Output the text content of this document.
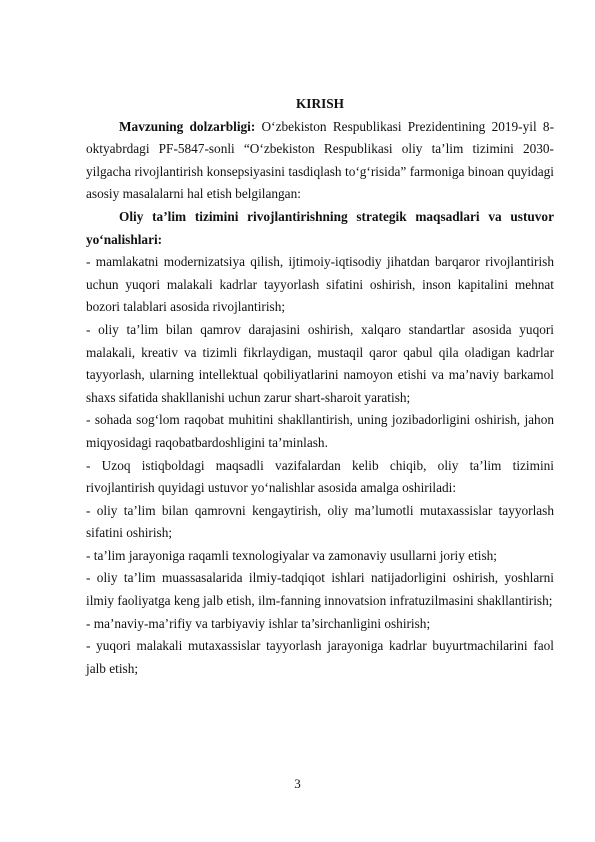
KIRISH

Mavzuning dolzarbligi: O‘zbekiston Respublikasi Prezidentining 2019-yil 8-oktyabrdagi PF-5847-sonli “O‘zbekiston Respublikasi oliy ta’lim tizimini 2030-yilgacha rivojlantirish konsepsiyasini tasdiqlash to‘g‘risida” farmoniga binoan quyidagi asosiy masalalarni hal etish belgilangan:

Oliy ta’lim tizimini rivojlantirishning strategik maqsadlari va ustuvor yo‘nalishlari:

- mamlakatni modernizatsiya qilish, ijtimoiy-iqtisodiy jihatdan barqaror rivojlantirish uchun yuqori malakali kadrlar tayyorlash sifatini oshirish, inson kapitalini mehnat bozori talablari asosida rivojlantirish;

- oliy ta’lim bilan qamrov darajasini oshirish, xalqaro standartlar asosida yuqori malakali, kreativ va tizimli fikrlaydigan, mustaqil qaror qabul qila oladigan kadrlar tayyorlash, ularning intellektual qobiliyatlarini namoyon etishi va ma’naviy barkamol shaxs sifatida shakllanishi uchun zarur shart-sharoit yaratish;

- sohada sog‘lom raqobat muhitini shakllantirish, uning jozibadorligini oshirish, jahon miqyosidagi raqobatbardoshligini ta’minlash.

- Uzoq istiqboldagi maqsadli vazifalardan kelib chiqib, oliy ta’lim tizimini rivojlantirish quyidagi ustuvor yo‘nalishlar asosida amalga oshiriladi:

- oliy ta’lim bilan qamrovni kengaytirish, oliy ma’lumotli mutaxassislar tayyorlash sifatini oshirish;

- ta’lim jarayoniga raqamli texnologiyalar va zamonaviy usullarni joriy etish;

- oliy ta’lim muassasalarida ilmiy-tadqiqot ishlari natijadorligini oshirish, yoshlarni ilmiy faoliyatga keng jalb etish, ilm-fanning innovatsion infratuzilmasini shakllantirish;

- ma’naviy-ma’rifiy va tarbiyaviy ishlar ta’sirchanligini oshirish;

- yuqori malakali mutaxassislar tayyorlash jarayoniga kadrlar buyurtmachilarini faol jalb etish;

3
